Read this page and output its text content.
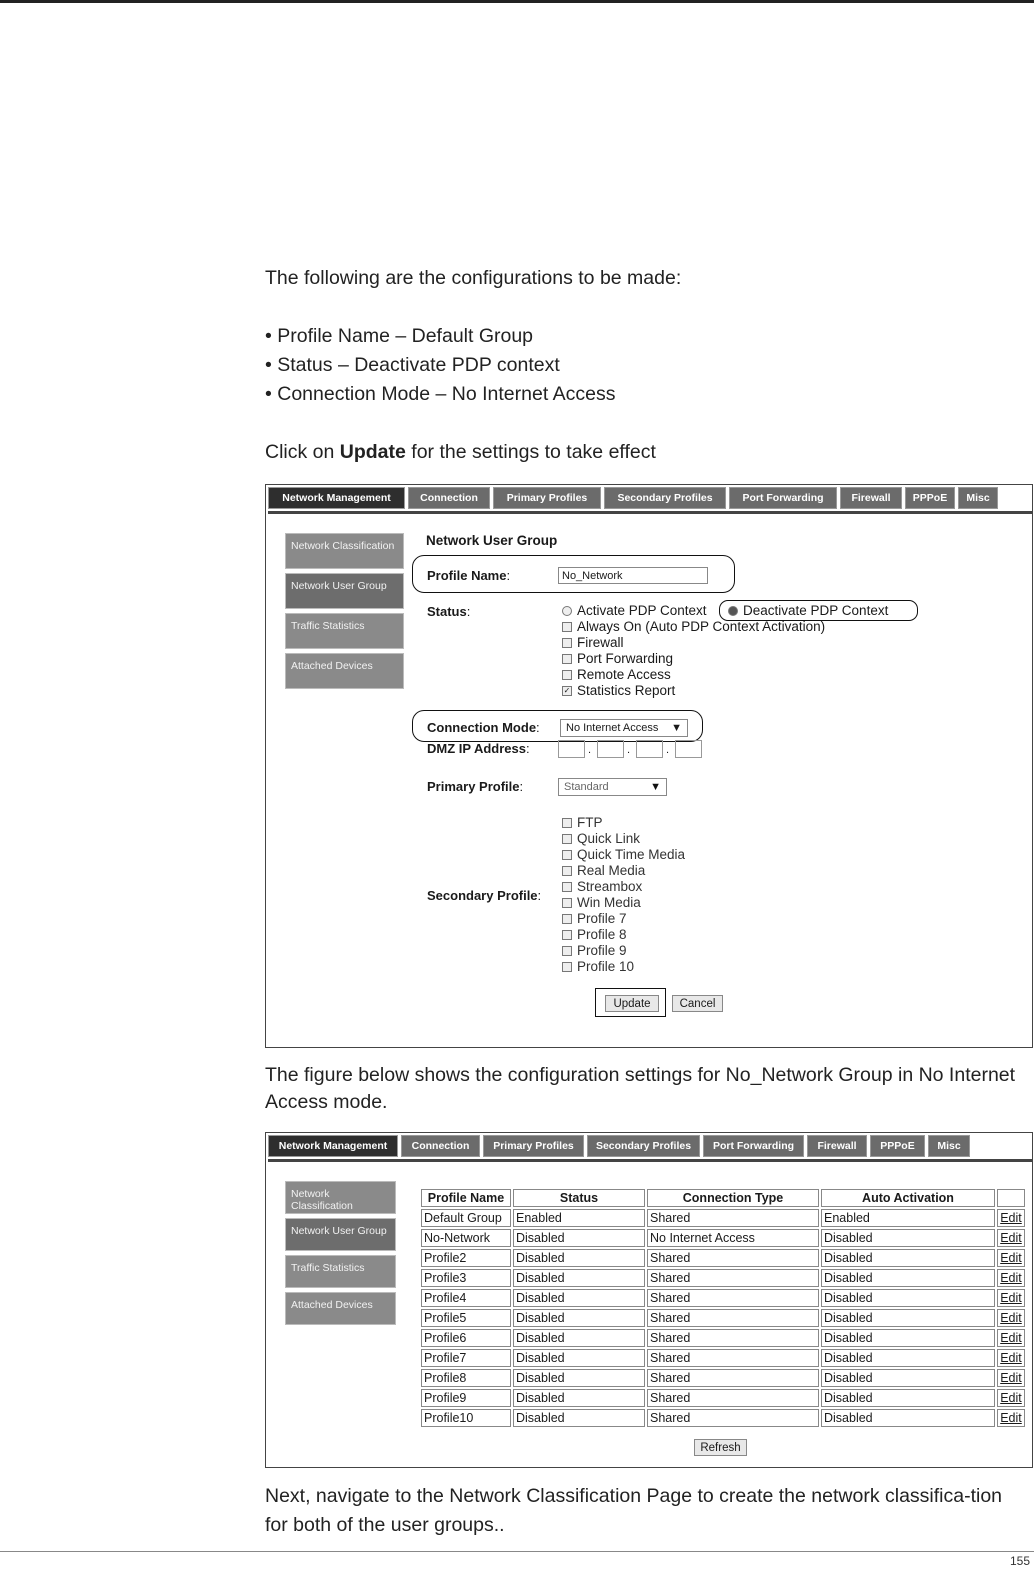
The following are the configurations to be made:

• Profile Name – Default Group

• Status – Deactivate PDP context

• Connection Mode – No Internet Access

Click on Update for the settings to take effect

Network Management	Connection	Primary Profiles	Secondary Profiles	Port Forwarding	Firewall	PPPoE	Misc
Network Classification
Network User Group
Traffic Statistics
Attached Devices
Network User Group
Profile Name:	No_Network
Status:	Activate PDP Context	Deactivate PDP Context
Always On (Auto PDP Context Activation)
Firewall
Port Forwarding
Remote Access
✓ Statistics Report
Connection Mode: No Internet Access ▼
DMZ IP Address:	.	.	.
Primary Profile:	Standard	▼
FTP
Quick Link
Quick Time Media
Real Media
Streambox
Win Media
Profile 7
Profile 8
Profile 9
Profile 10
Secondary Profile:
Update	Cancel
The figure below shows the configuration settings for No_Network Group in No Internet Access mode.
Network Management	Connection	Primary Profiles	Secondary Profiles	Port Forwarding	Firewall	PPPoE	Misc
Network Classification
Network User Group
Traffic Statistics
Attached Devices
Profile Name	Status	Connection Type	Auto Activation	
Default Group	Enabled	Shared	Enabled	Edit
No-Network	Disabled	No Internet Access	Disabled	Edit
Profile2	Disabled	Shared	Disabled	Edit
Profile3	Disabled	Shared	Disabled	Edit
Profile4	Disabled	Shared	Disabled	Edit
Profile5	Disabled	Shared	Disabled	Edit
Profile6	Disabled	Shared	Disabled	Edit
Profile7	Disabled	Shared	Disabled	Edit
Profile8	Disabled	Shared	Disabled	Edit
Profile9	Disabled	Shared	Disabled	Edit
Profile10	Disabled	Shared	Disabled	Edit
Refresh
Next, navigate to the Network Classification Page to create the network classifica-tion for both of the user groups..
155
